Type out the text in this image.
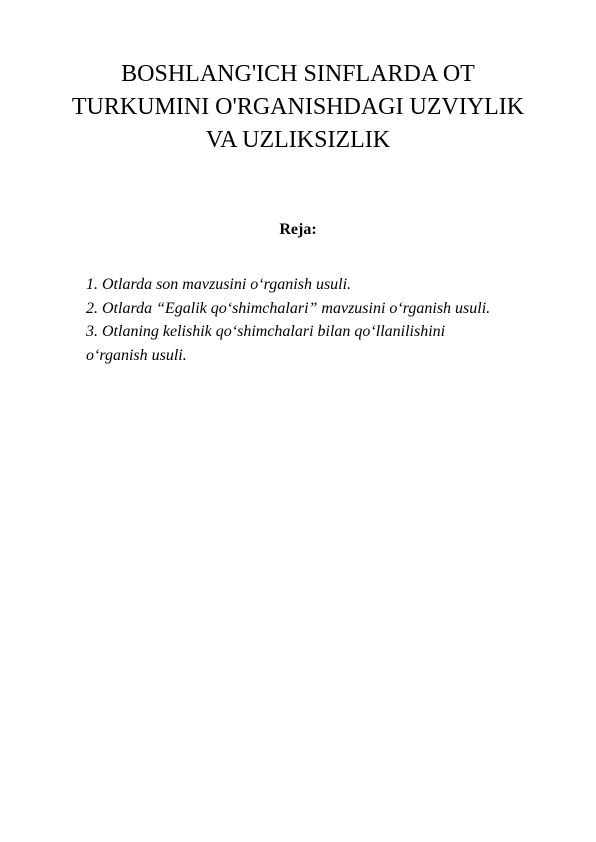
BOSHLANG'ICH SINFLARDA OT
TURKUMINI O'RGANISHDAGI UZVIYLIK
VA UZLIKSIZLIK

Reja:

1. Otlarda son mavzusini o‘rganish usuli.
2. Otlarda “Egalik qo‘shimchalari” mavzusini o‘rganish usuli.
3. Otlaning kelishik qo‘shimchalari bilan qo‘llanilishini
o‘rganish usuli.
